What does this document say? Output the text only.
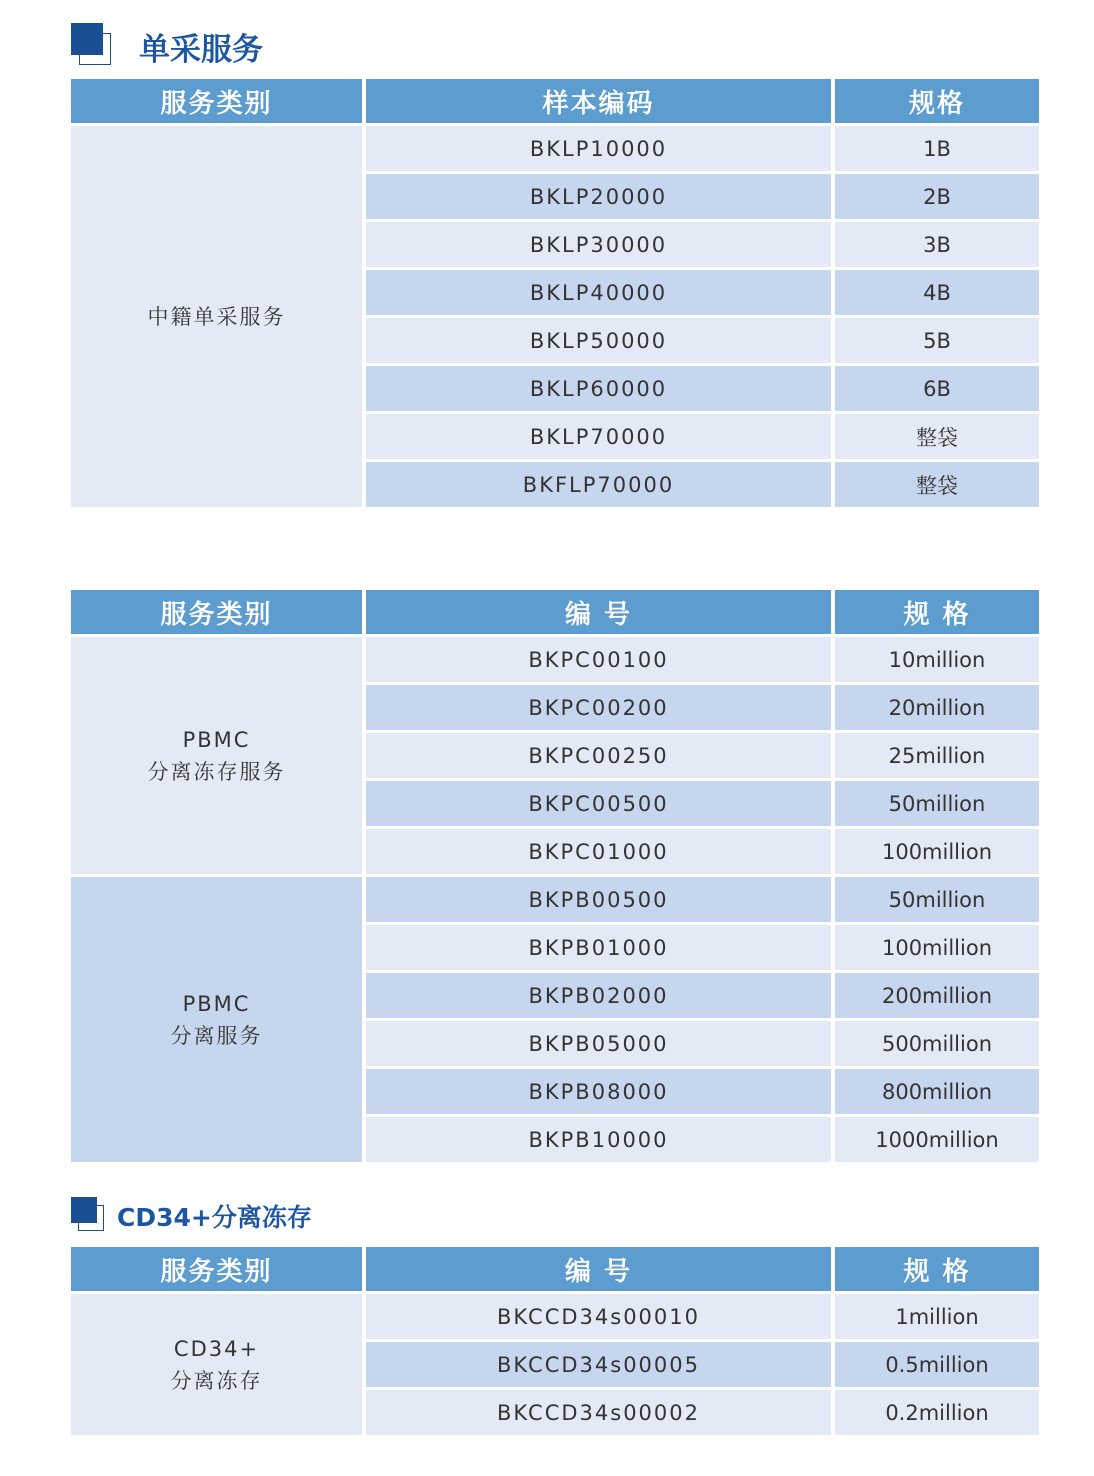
单采服务
服务类别	样本编码	规格
中籍单采服务	BKLP10000	1B
	BKLP20000	2B
	BKLP30000	3B
	BKLP40000	4B
	BKLP50000	5B
	BKLP60000	6B
	BKLP70000	整袋
	BKFLP70000	整袋
服务类别	编 号	规 格

PBMC
分离冻存服务	BKPC00100	10million
	BKPC00200	20million
	BKPC00250	25million
	BKPC00500	50million
	BKPC01000	100million

PBMC
分离服务	BKPB00500	50million
	BKPB01000	100million
	BKPB02000	200million
	BKPB05000	500million
	BKPB08000	800million
	BKPB10000	1000million
CD34+分离冻存
服务类别	编 号	规 格

CD34+
分离冻存	BKCCD34s00010	1million
	BKCCD34s00005	0.5million
	BKCCD34s00002	0.2million
